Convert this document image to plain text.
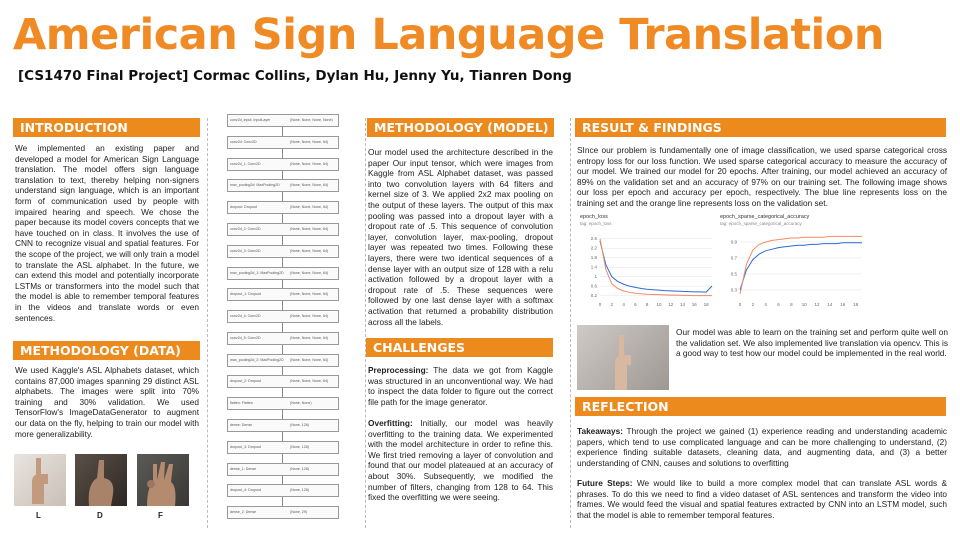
American Sign Language Translation
[CS1470 Final Project] Cormac Collins, Dylan Hu, Jenny Yu, Tianren Dong
INTRODUCTION
We implemented an existing paper and developed a model for American Sign Language translation. The model offers sign language translation to text, thereby helping non-signers understand sign language, which is an important form of communication used by people with impaired hearing and speech. We chose the paper because its model covers concepts that we have touched on in class. It involves the use of CNN to recognize visual and spatial features. For the scope of the project, we will only train a model to translate the ASL alphabet. In the future, we can extend this model and potentially incorporate LSTMs or transformers into the model such that the model is able to remember temporal features in the videos and translate words or even sentences.
METHODOLOGY (DATA)
We used Kaggle's ASL Alphabets dataset, which contains 87,000 images spanning 29 distinct ASL alphabets. The images were split into 70% training and 30% validation. We used TensorFlow's ImageDataGenerator to augment our data on the fly, helping to train our model with more generalizability.
L	D	F
conv2d_input: InputLayer	(None, None, None, None)
conv2d: Conv2D	(None, None, None, 64)
conv2d_1: Conv2D	(None, None, None, 64)
max_pooling2d: MaxPooling2D	(None, None, None, 64)
dropout: Dropout	(None, None, None, 64)
conv2d_2: Conv2D	(None, None, None, 64)
conv2d_3: Conv2D	(None, None, None, 64)
max_pooling2d_1: MaxPooling2D (None, None, None, 64)
dropout_1: Dropout	(None, None, None, 64)
conv2d_4: Conv2D	(None, None, None, 64)
conv2d_5: Conv2D	(None, None, None, 64)
max_pooling2d_2: MaxPooling2D (None, None, None, 64)
dropout_2: Dropout	(None, None, None, 64)
flatten: Flatten	(None, None)
dense: Dense	(None, 128)
dropout_3: Dropout	(None, 128)
dense_1: Dense	(None, 128)
dropout_4: Dropout	(None, 128)
dense_2: Dense	(None, 29)
METHODOLOGY (MODEL)
Our model used the architecture described in the paper Our input tensor, which were images from Kaggle from ASL Alphabet dataset, was passed into two convolution layers with 64 filters and kernel size of 3. We applied 2x2 max pooling on the output of these layers. The output of this max pooling was passed into a dropout layer with a dropout rate of .5. This sequence of convolution layer, convolution layer, max-pooling, dropout layer was repeated two times. Following these layers, there were two identical sequences of a dense layer with an output size of 128 with a relu activation followed by a dropout layer with a dropout rate of .5. These sequences were followed by one last dense layer with a softmax activation that returned a probability distribution across all the labels.
CHALLENGES
Preprocessing: The data we got from Kaggle was structured in an unconventional way. We had to inspect the data folder to figure out the correct file path for the image generator.
Overfitting: Initially, our model was heavily overfitting to the training data. We experimented with the model architecture in order to refine this. We first tried removing a layer of convolution and found that our model plateaued at an accuracy of about 30%. Subsequently, we modified the number of filters, changing from 128 to 64. This fixed the overfitting we were seeing.
RESULT & FINDINGS
SInce our problem is fundamentally one of image classification, we used sparse categorical cross entropy loss for our loss function. We used sparse categorical accuracy to measure the accuracy of our model. We trained our model for 20 epochs. After training, our model achieved an accuracy of 89% on the validation set and an accuracy of 97% on our training set. The following image shows our loss per epoch and accuracy per epoch, respectively. The blue line represents loss on the training set and the orange line represents loss on the validation set.
epoch_loss
tag: epoch_loss
0.2
0.6
1
1.4
1.8
2.2
2.6
0 2 4 6 8 10 12 14 16 18
epoch_sparse_categorical_accuracy
tag: epoch_sparse_categorical_accuracy
0.3
0.5
0.7
0.9
0 2 4 6 8 10 12 14 16 18
Our model was able to learn on the training set and perform quite well on the validation set. We also implemented live translation via opencv. This is a good way to test how our model could be implemented in the real world.
REFLECTION
Takeaways: Through the project we gained (1) experience reading and understanding academic papers, which tend to use complicated language and can be more challenging to understand, (2) experience finding suitable datasets, cleaning data, and augmenting data, and (3) a better understanding of CNN, causes and solutions to overfitting
Future Steps: We would like to build a more complex model that can translate ASL words & phrases. To do this we need to find a video dataset of ASL sentences and transform the video into frames. We would feed the visual and spatial features extracted by CNN into an LSTM model, such that the model is able to remember temporal features.
